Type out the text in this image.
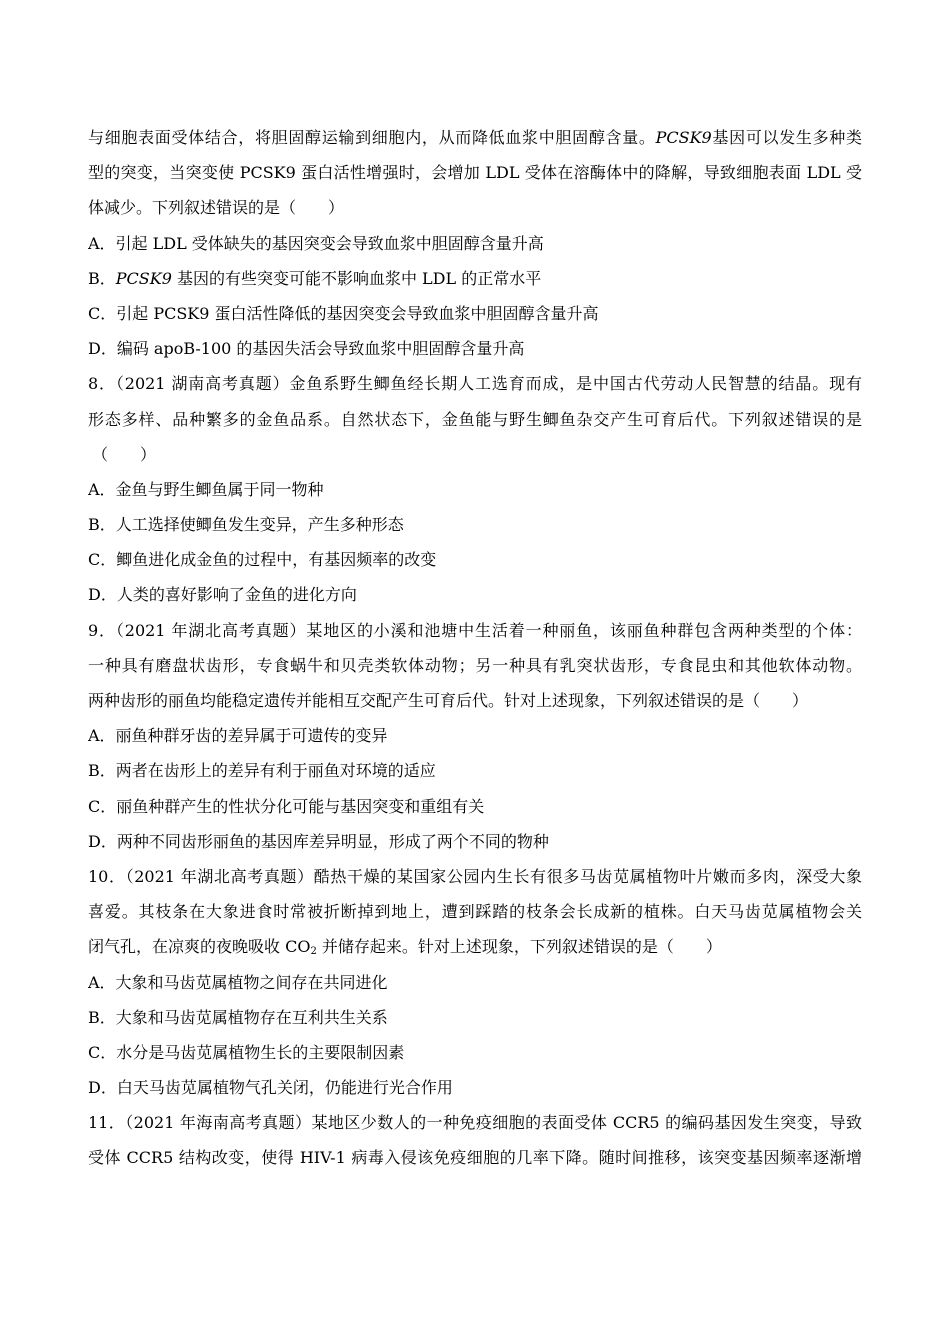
与细胞表面受体结合，将胆固醇运输到细胞内，从而降低血浆中胆固醇含量。PCSK9基因可以发生多种类
型的突变，当突变使 PCSK9 蛋白活性增强时，会增加 LDL 受体在溶酶体中的降解，导致细胞表面 LDL 受
体减少。下列叙述错误的是（　　）
A．引起 LDL 受体缺失的基因突变会导致血浆中胆固醇含量升高
B．PCSK9 基因的有些突变可能不影响血浆中 LDL 的正常水平
C．引起 PCSK9 蛋白活性降低的基因突变会导致血浆中胆固醇含量升高
D．编码 apoB-100 的基因失活会导致血浆中胆固醇含量升高
8．（2021 湖南高考真题）金鱼系野生鲫鱼经长期人工选育而成，是中国古代劳动人民智慧的结晶。现有
形态多样、品种繁多的金鱼品系。自然状态下，金鱼能与野生鲫鱼杂交产生可育后代。下列叙述错误的是
（　　）
A．金鱼与野生鲫鱼属于同一物种
B．人工选择使鲫鱼发生变异，产生多种形态
C．鲫鱼进化成金鱼的过程中，有基因频率的改变
D．人类的喜好影响了金鱼的进化方向
9．（2021 年湖北高考真题）某地区的小溪和池塘中生活着一种丽鱼，该丽鱼种群包含两种类型的个体：
一种具有磨盘状齿形，专食蜗牛和贝壳类软体动物；另一种具有乳突状齿形，专食昆虫和其他软体动物。
两种齿形的丽鱼均能稳定遗传并能相互交配产生可育后代。针对上述现象，下列叙述错误的是（　　）
A．丽鱼种群牙齿的差异属于可遗传的变异
B．两者在齿形上的差异有利于丽鱼对环境的适应
C．丽鱼种群产生的性状分化可能与基因突变和重组有关
D．两种不同齿形丽鱼的基因库差异明显，形成了两个不同的物种
10．（2021 年湖北高考真题）酷热干燥的某国家公园内生长有很多马齿苋属植物叶片嫩而多肉，深受大象
喜爱。其枝条在大象进食时常被折断掉到地上，遭到踩踏的枝条会长成新的植株。白天马齿苋属植物会关
闭气孔，在凉爽的夜晚吸收 $CO_2$ 并储存起来。针对上述现象，下列叙述错误的是（　　）
A．大象和马齿苋属植物之间存在共同进化
B．大象和马齿苋属植物存在互利共生关系
C．水分是马齿苋属植物生长的主要限制因素
D．白天马齿苋属植物气孔关闭，仍能进行光合作用
11．（2021 年海南高考真题）某地区少数人的一种免疫细胞的表面受体 CCR5 的编码基因发生突变，导致
受体 CCR5 结构改变，使得 HIV-1 病毒入侵该免疫细胞的几率下降。随时间推移，该突变基因频率逐渐增
